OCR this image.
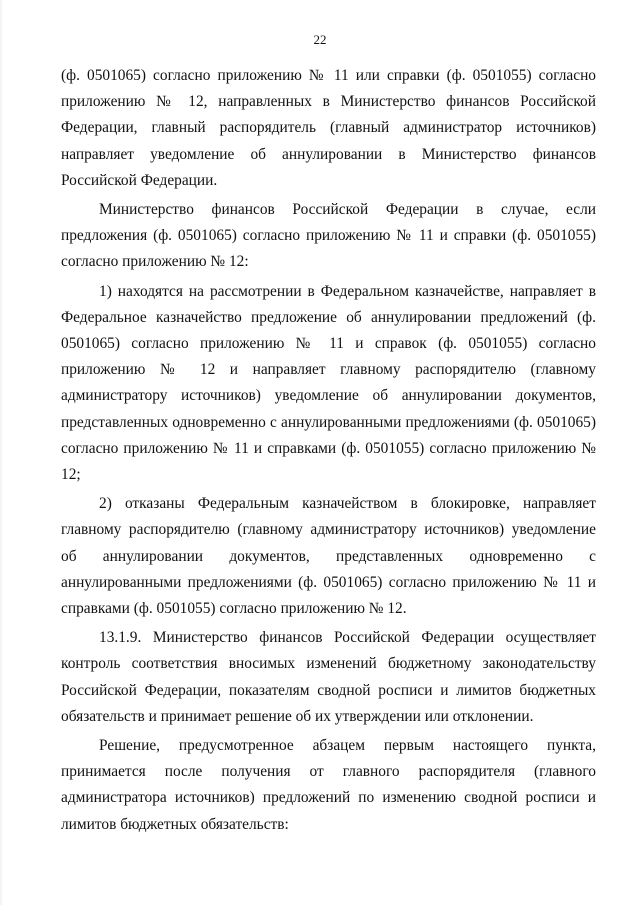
22

(ф. 0501065) согласно приложению № 11 или справки (ф. 0501055) согласно приложению № 12, направленных в Министерство финансов Российской Федерации, главный распорядитель (главный администратор источников) направляет уведомление об аннулировании в Министерство финансов Российской Федерации.

Министерство финансов Российской Федерации в случае, если предложения (ф. 0501065) согласно приложению № 11 и справки (ф. 0501055) согласно приложению № 12:

1) находятся на рассмотрении в Федеральном казначействе, направляет в Федеральное казначейство предложение об аннулировании предложений (ф. 0501065) согласно приложению № 11 и справок (ф. 0501055) согласно приложению № 12 и направляет главному распорядителю (главному администратору источников) уведомление об аннулировании документов, представленных одновременно с аннулированными предложениями (ф. 0501065) согласно приложению № 11 и справками (ф. 0501055) согласно приложению № 12;

2) отказаны Федеральным казначейством в блокировке, направляет главному распорядителю (главному администратору источников) уведомление об аннулировании документов, представленных одновременно с аннулированными предложениями (ф. 0501065) согласно приложению № 11 и справками (ф. 0501055) согласно приложению № 12.

13.1.9. Министерство финансов Российской Федерации осуществляет контроль соответствия вносимых изменений бюджетному законодательству Российской Федерации, показателям сводной росписи и лимитов бюджетных обязательств и принимает решение об их утверждении или отклонении.

Решение, предусмотренное абзацем первым настоящего пункта, принимается после получения от главного распорядителя (главного администратора источников) предложений по изменению сводной росписи и лимитов бюджетных обязательств:
